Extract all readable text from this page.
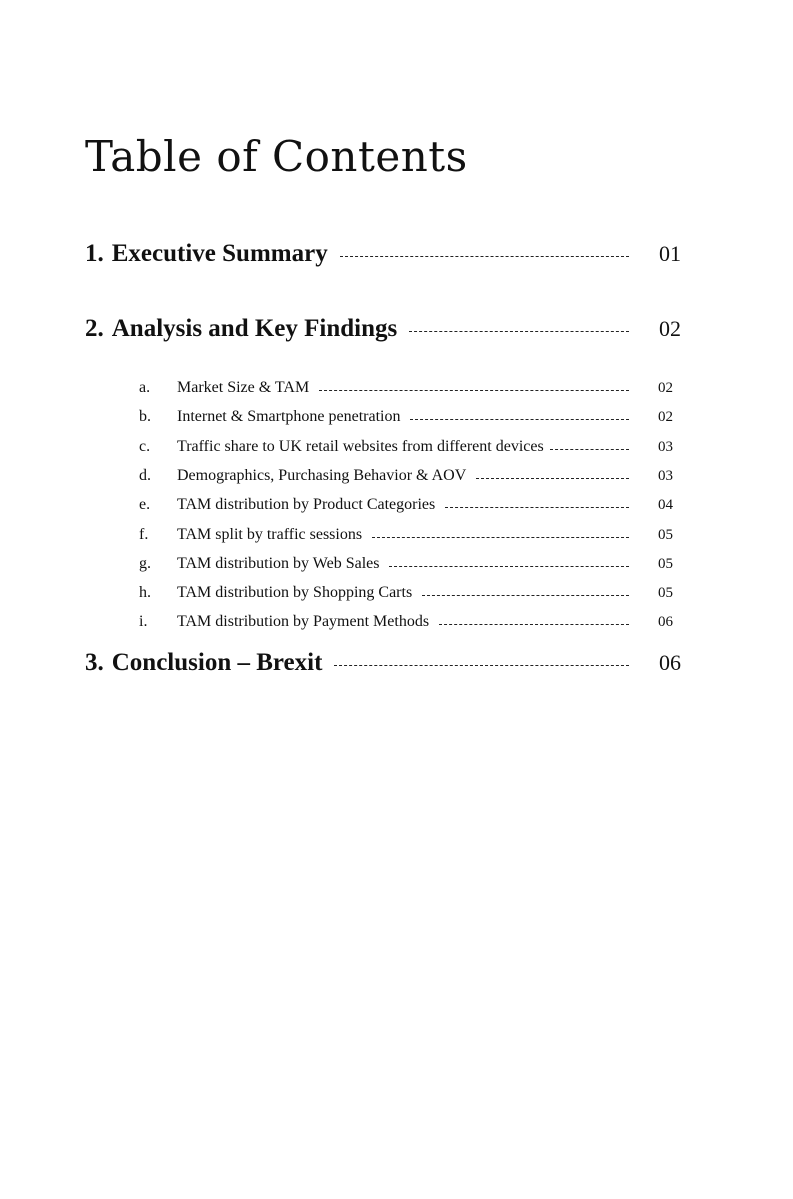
Table of Contents
1. Executive Summary	01
2. Analysis and Key Findings	02
a.	Market Size & TAM	02
b.	Internet & Smartphone penetration	02
c.	Traffic share to UK retail websites from different devices	03
d.	Demographics, Purchasing Behavior & AOV	03
e.	TAM distribution by Product Categories	04
f.	TAM split by traffic sessions	05
g.	TAM distribution by Web Sales	05
h.	TAM distribution by Shopping Carts	05
i.	TAM distribution by Payment Methods	06
3. Conclusion – Brexit	06
